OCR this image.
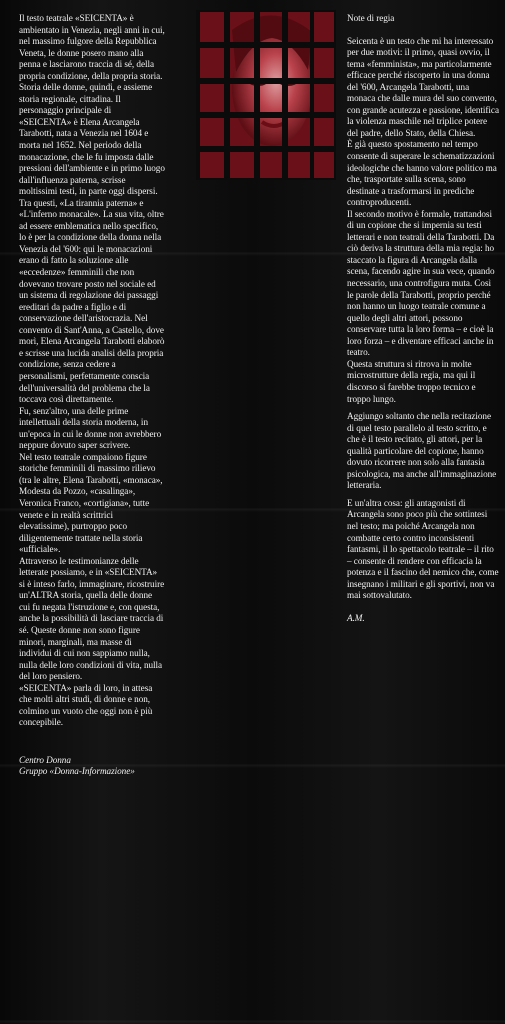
Il testo teatrale «SEICENTA» è ambientato in Venezia, negli anni in cui, nel massimo fulgore della Repubblica Veneta, le donne posero mano alla penna e lasciarono traccia di sé, della propria condizione, della propria storia.

Storia delle donne, quindi, e assieme storia regionale, cittadina. Il personaggio principale di «SEICENTA» è Elena Arcangela Tarabotti, nata a Venezia nel 1604 e morta nel 1652. Nel periodo della monacazione, che le fu imposta dalle pressioni dell'ambiente e in primo luogo dall'influenza paterna, scrisse moltissimi testi, in parte oggi dispersi. Tra questi, «La tirannia paterna» e «L'inferno monacale». La sua vita, oltre ad essere emblematica nello specifico, lo è per la condizione della donna nella Venezia del '600: qui le monacazioni erano di fatto la soluzione alle «eccedenze» femminili che non dovevano trovare posto nel sociale ed un sistema di regolazione dei passaggi ereditari da padre a figlio e di conservazione dell'aristocrazia. Nel convento di Sant'Anna, a Castello, dove morì, Elena Arcangela Tarabotti elaborò e scrisse una lucida analisi della propria condizione, senza cedere a personalismi, perfettamente conscia dell'universalità del problema che la toccava così direttamente.

Fu, senz'altro, una delle prime intellettuali della storia moderna, in un'epoca in cui le donne non avrebbero neppure dovuto saper scrivere.

Nel testo teatrale compaiono figure storiche femminili di massimo rilievo (tra le altre, Elena Tarabotti, «monaca», Modesta da Pozzo, «casalinga», Veronica Franco, «cortigiana», tutte venete e in realtà scrittrici elevatissime), purtroppo poco diligentemente trattate nella storia «ufficiale».

Attraverso le testimonianze delle letterate possiamo, e in «SEICENTA» si è inteso farlo, immaginare, ricostruire un'ALTRA storia, quella delle donne cui fu negata l'istruzione e, con questa, anche la possibilità di lasciare traccia di sé. Queste donne non sono figure minori, marginali, ma masse di individui di cui non sappiamo nulla, nulla delle loro condizioni di vita, nulla del loro pensiero.

«SEICENTA» parla di loro, in attesa che molti altri studi, di donne e non, colmino un vuoto che oggi non è più concepibile.

Centro Donna

Gruppo «Donna-Informazione»

Note di regia

Seicenta è un testo che mi ha interessato per due motivi: il primo, quasi ovvio, il tema «femminista», ma particolarmente efficace perché riscoperto in una donna del '600, Arcangela Tarabotti, una monaca che dalle mura del suo convento, con grande acutezza e passione, identifica la violenza maschile nel triplice potere del padre, dello Stato, della Chiesa.

È già questo spostamento nel tempo consente di superare le schematizzazioni ideologiche che hanno valore politico ma che, trasportate sulla scena, sono destinate a trasformarsi in prediche controproducenti.

Il secondo motivo è formale, trattandosi di un copione che si impernia su testi letterari e non teatrali della Tarabotti. Da ciò deriva la struttura della mia regia: ho staccato la figura di Arcangela dalla scena, facendo agire in sua vece, quando necessario, una controfigura muta. Così le parole della Tarabotti, proprio perché non hanno un luogo teatrale comune a quello degli altri attori, possono conservare tutta la loro forma – e cioè la loro forza – e diventare efficaci anche in teatro.

Questa struttura si ritrova in molte microstrutture della regia, ma qui il discorso si farebbe troppo tecnico e troppo lungo.

Aggiungo soltanto che nella recitazione di quel testo parallelo al testo scritto, e che è il testo recitato, gli attori, per la qualità particolare del copione, hanno dovuto ricorrere non solo alla fantasia psicologica, ma anche all'immaginazione letteraria.

E un'altra cosa: gli antagonisti di Arcangela sono poco più che sottintesi nel testo; ma poiché Arcangela non combatte certo contro inconsistenti fantasmi, il lo spettacolo teatrale – il rito – consente di rendere con efficacia la potenza e il fascino del nemico che, come insegnano i militari e gli sportivi, non va mai sottovalutato.

A.M.
